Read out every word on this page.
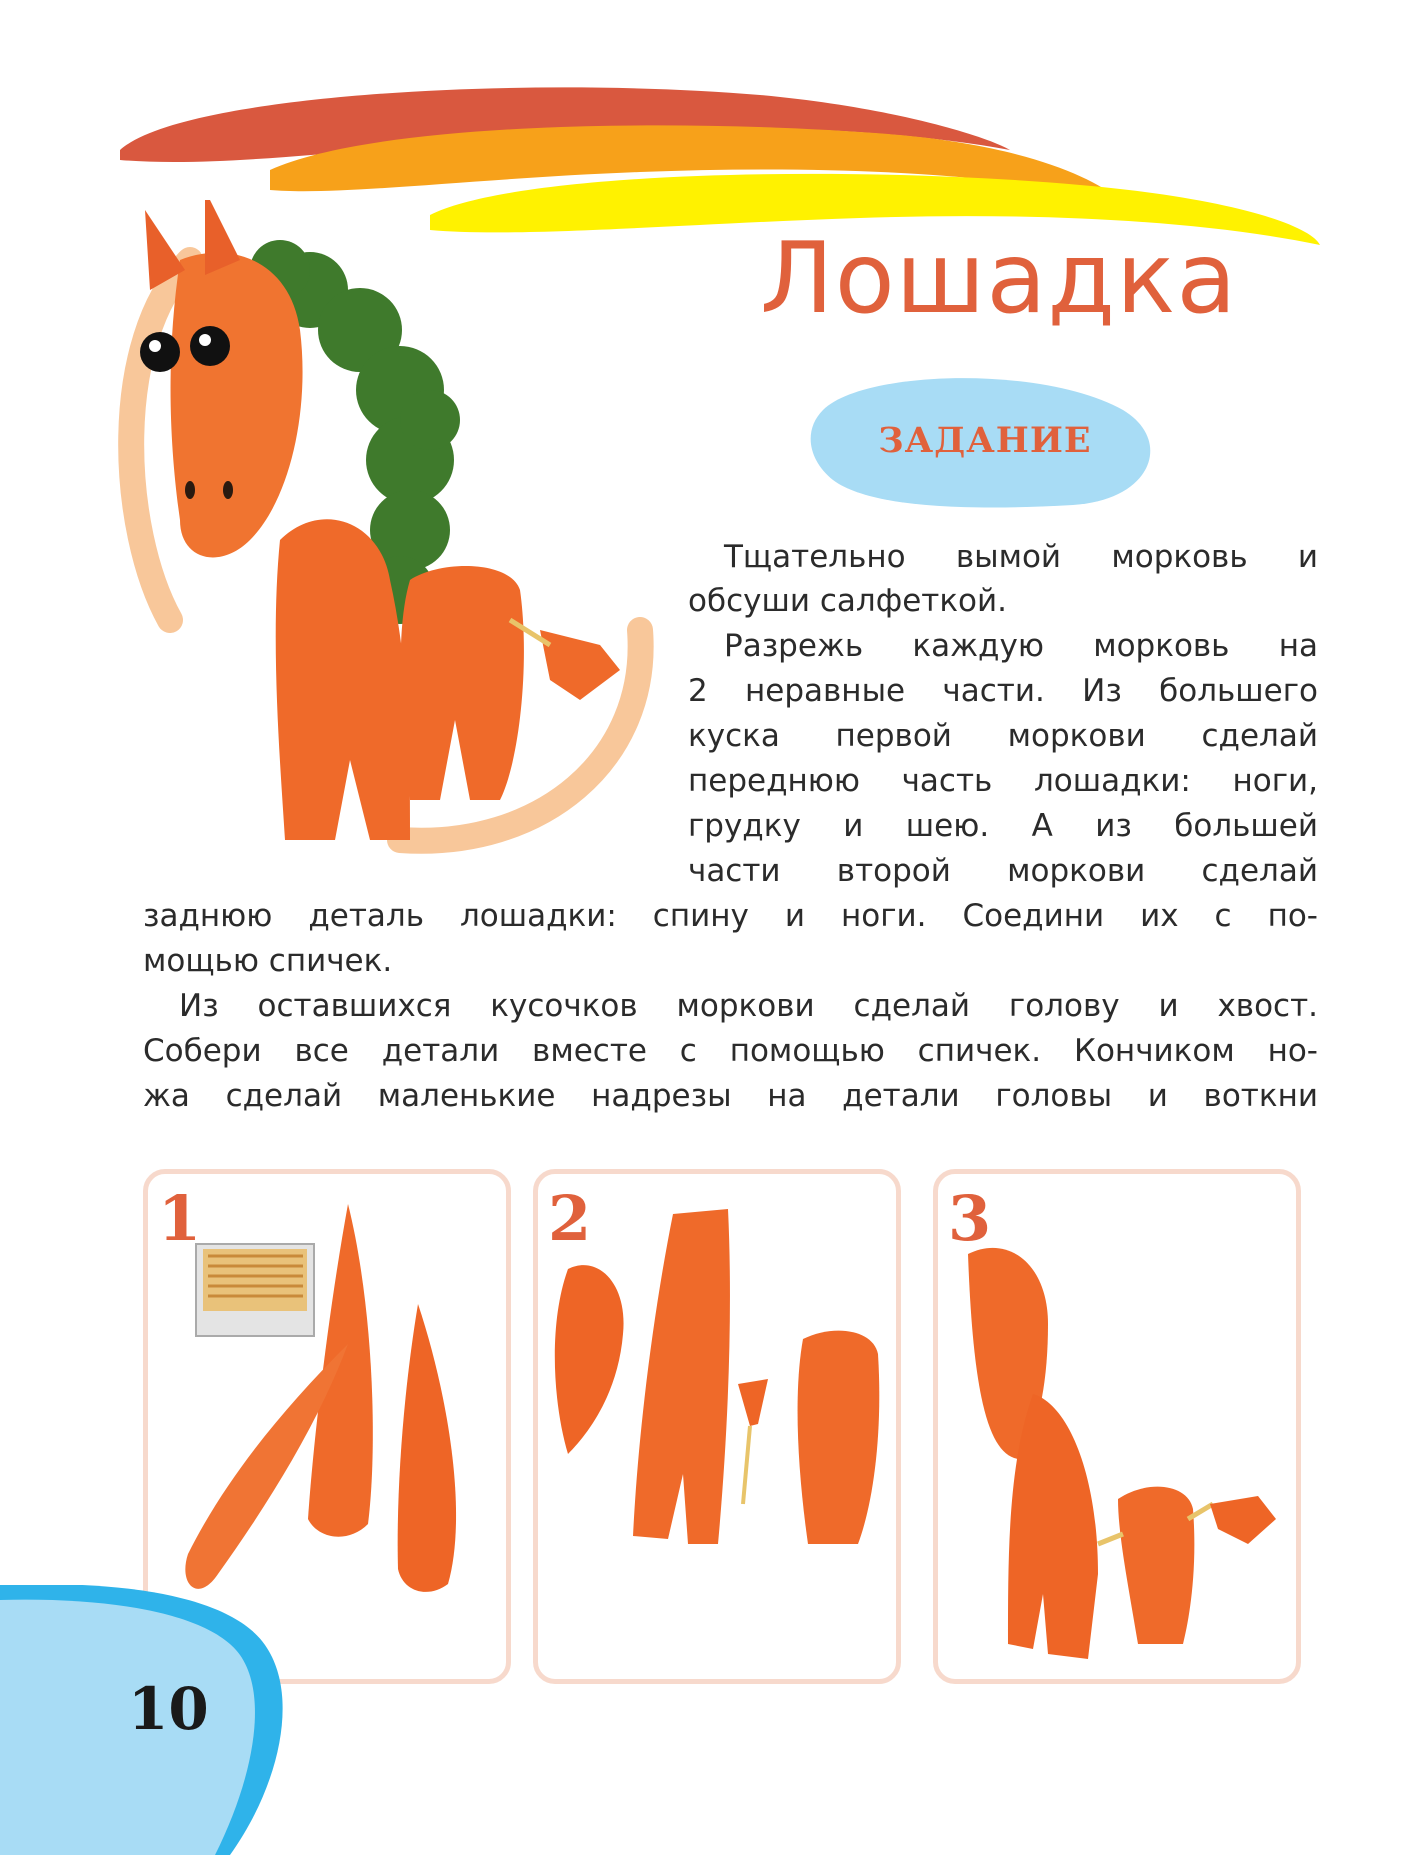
Лошадка
ЗАДАНИЕ
Тщательно вымой морковь и
обсуши салфеткой.
Разрежь каждую морковь на
2 неравные части. Из большего
куска первой моркови сделай
переднюю часть лошадки: ноги,
грудку и шею. А из большей
части второй моркови сделай
заднюю деталь лошадки: спину и ноги. Соедини их с по-
мощью спичек.
Из оставшихся кусочков моркови сделай голову и хвост.
Собери все детали вместе с помощью спичек. Кончиком но-
жа сделай маленькие надрезы на детали головы и воткни
1	2	3
10
